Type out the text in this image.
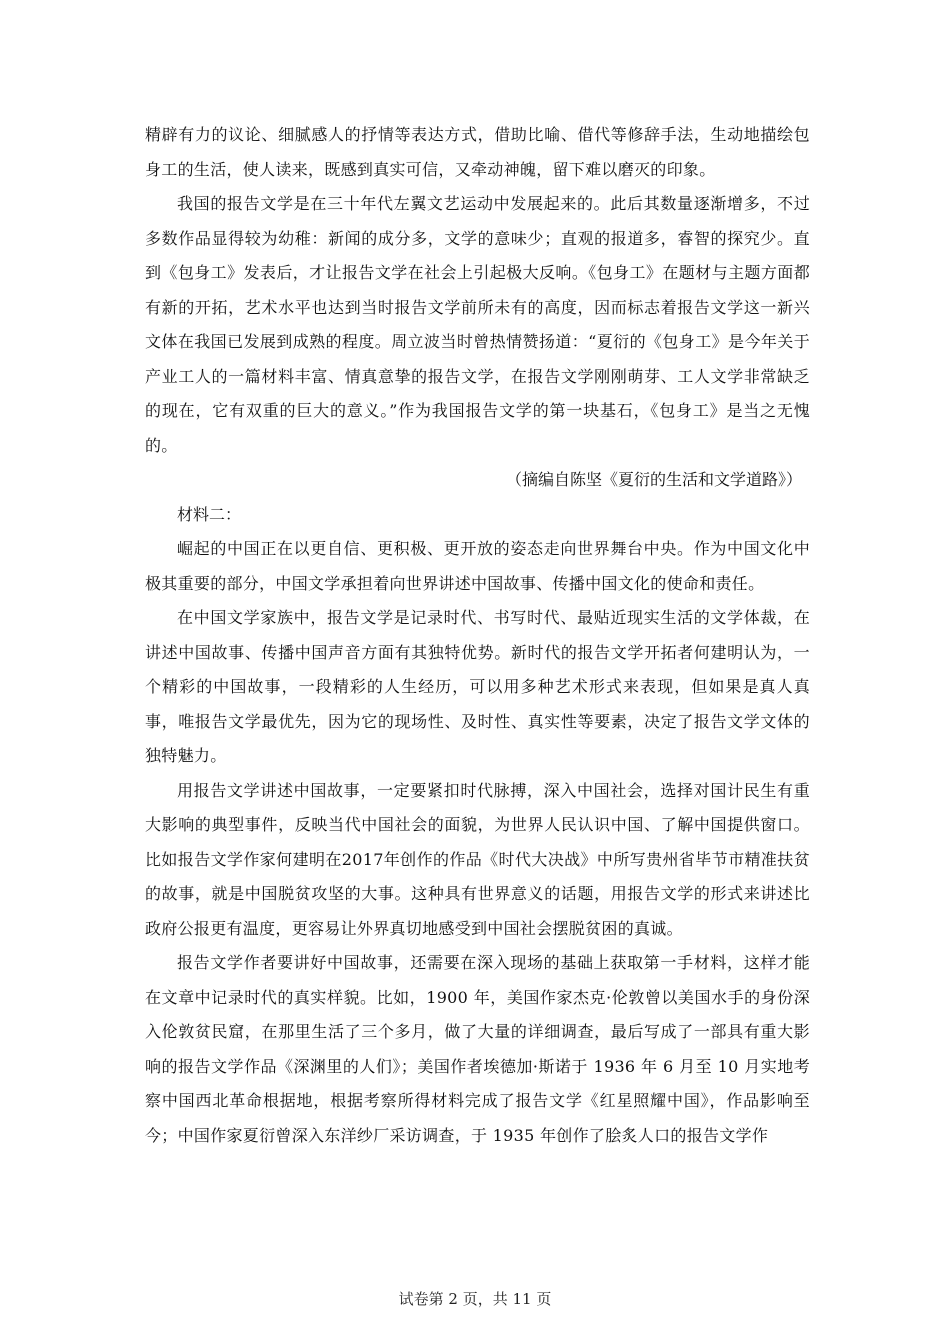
精辟有力的议论、细腻感人的抒情等表达方式，借助比喻、借代等修辞手法，生动地描绘包身工的生活，使人读来，既感到真实可信，又牵动神魄，留下难以磨灭的印象。

我国的报告文学是在三十年代左翼文艺运动中发展起来的。此后其数量逐渐增多，不过多数作品显得较为幼稚：新闻的成分多，文学的意味少；直观的报道多，睿智的探究少。直到《包身工》发表后，才让报告文学在社会上引起极大反响。《包身工》在题材与主题方面都有新的开拓，艺术水平也达到当时报告文学前所未有的高度，因而标志着报告文学这一新兴文体在我国已发展到成熟的程度。周立波当时曾热情赞扬道：“夏衍的《包身工》是今年关于产业工人的一篇材料丰富、情真意挚的报告文学，在报告文学刚刚萌芽、工人文学非常缺乏的现在，它有双重的巨大的意义。”作为我国报告文学的第一块基石，《包身工》是当之无愧的。

（摘编自陈坚《夏衍的生活和文学道路》）

材料二：

崛起的中国正在以更自信、更积极、更开放的姿态走向世界舞台中央。作为中国文化中极其重要的部分，中国文学承担着向世界讲述中国故事、传播中国文化的使命和责任。

在中国文学家族中，报告文学是记录时代、书写时代、最贴近现实生活的文学体裁，在讲述中国故事、传播中国声音方面有其独特优势。新时代的报告文学开拓者何建明认为，一个精彩的中国故事，一段精彩的人生经历，可以用多种艺术形式来表现，但如果是真人真事，唯报告文学最优先，因为它的现场性、及时性、真实性等要素，决定了报告文学文体的独特魅力。

用报告文学讲述中国故事，一定要紧扣时代脉搏，深入中国社会，选择对国计民生有重大影响的典型事件，反映当代中国社会的面貌，为世界人民认识中国、了解中国提供窗口。比如报告文学作家何建明在2017年创作的作品《时代大决战》中所写贵州省毕节市精准扶贫的故事，就是中国脱贫攻坚的大事。这种具有世界意义的话题，用报告文学的形式来讲述比政府公报更有温度，更容易让外界真切地感受到中国社会摆脱贫困的真诚。

报告文学作者要讲好中国故事，还需要在深入现场的基础上获取第一手材料，这样才能在文章中记录时代的真实样貌。比如，1900 年，美国作家杰克·伦敦曾以美国水手的身份深入伦敦贫民窟，在那里生活了三个多月，做了大量的详细调查，最后写成了一部具有重大影响的报告文学作品《深渊里的人们》；美国作者埃德加·斯诺于 1936 年 6 月至 10 月实地考察中国西北革命根据地，根据考察所得材料完成了报告文学《红星照耀中国》，作品影响至今；中国作家夏衍曾深入东洋纱厂采访调查，于 1935 年创作了脍炙人口的报告文学作

试卷第 2 页，共 11 页
